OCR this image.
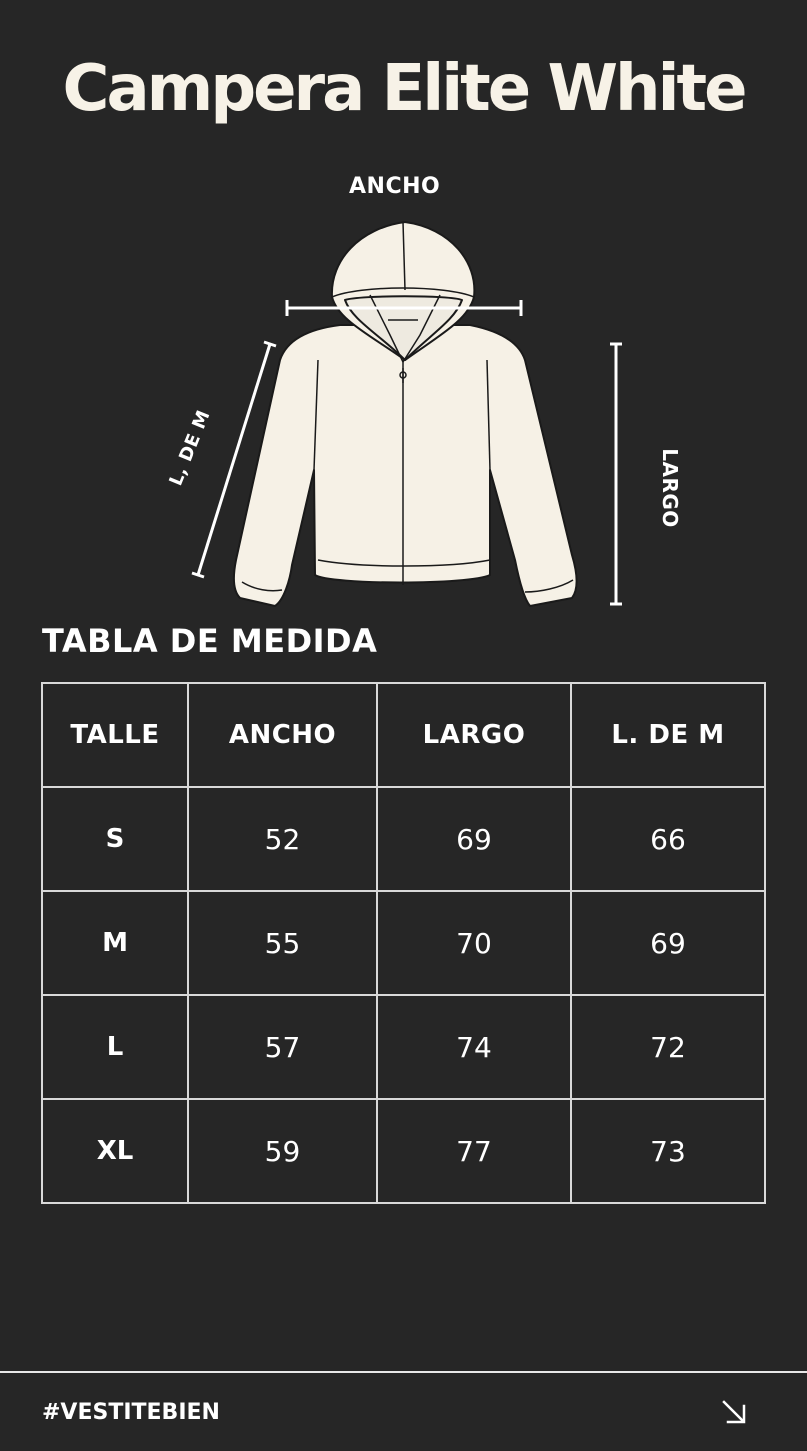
Campera Elite White
ANCHO
LARGO
L, DE M
TABLA DE MEDIDA
TALLE	ANCHO	LARGO	L. DE M
S	52	69	66
M	55	70	69
L	57	74	72
XL	59	77	73
#VESTITEBIEN
